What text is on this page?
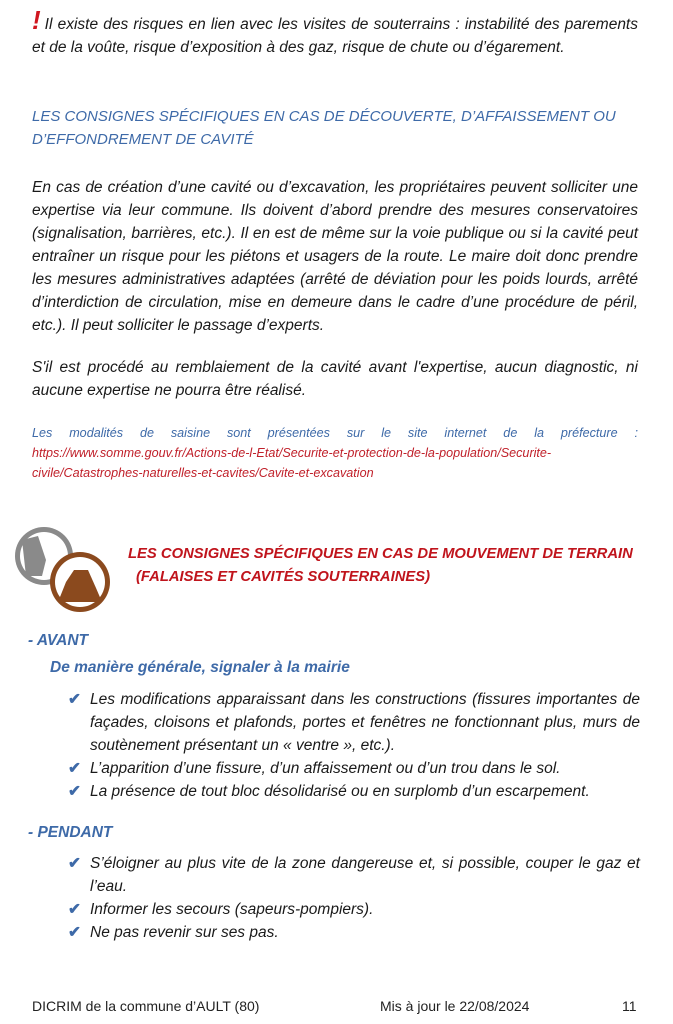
! Il existe des risques en lien avec les visites de souterrains : instabilité des parements et de la voûte, risque d’exposition à des gaz, risque de chute ou d’égarement.
LES CONSIGNES SPÉCIFIQUES EN CAS DE DÉCOUVERTE, D’AFFAISSEMENT OU D’EFFONDREMENT DE CAVITÉ
En cas de création d’une cavité ou d’excavation, les propriétaires peuvent solliciter une expertise via leur commune. Ils doivent d’abord prendre des mesures conservatoires (signalisation, barrières, etc.). Il en est de même sur la voie publique ou si la cavité peut entraîner un risque pour les piétons et usagers de la route. Le maire doit donc prendre les mesures administratives adaptées (arrêté de déviation pour les poids lourds, arrêté d’interdiction de circulation, mise en demeure dans le cadre d’une procédure de péril, etc.). Il peut solliciter le passage d’experts.
S'il est procédé au remblaiement de la cavité avant l'expertise, aucun diagnostic, ni aucune expertise ne pourra être réalisé.
Les modalités de saisine sont présentées sur le site internet de la préfecture : https://www.somme.gouv.fr/Actions-de-l-Etat/Securite-et-protection-de-la-population/Securite-civile/Catastrophes-naturelles-et-cavites/Cavite-et-excavation
LES CONSIGNES SPÉCIFIQUES EN CAS DE MOUVEMENT DE TERRAIN
(FALAISES ET CAVITÉS SOUTERRAINES)
- AVANT
De manière générale, signaler à la mairie
✔ Les modifications apparaissant dans les constructions (fissures importantes de façades, cloisons et plafonds, portes et fenêtres ne fonctionnant plus, murs de soutènement présentant un « ventre », etc.).
✔ L’apparition d’une fissure, d’un affaissement ou d’un trou dans le sol.
✔ La présence de tout bloc désolidarisé ou en surplomb d’un escarpement.
- PENDANT
✔ S’éloigner au plus vite de la zone dangereuse et, si possible, couper le gaz et l’eau.
✔ Informer les secours (sapeurs-pompiers).
✔ Ne pas revenir sur ses pas.
DICRIM de la commune d’AULT (80)	Mis à jour le 22/08/2024	11
